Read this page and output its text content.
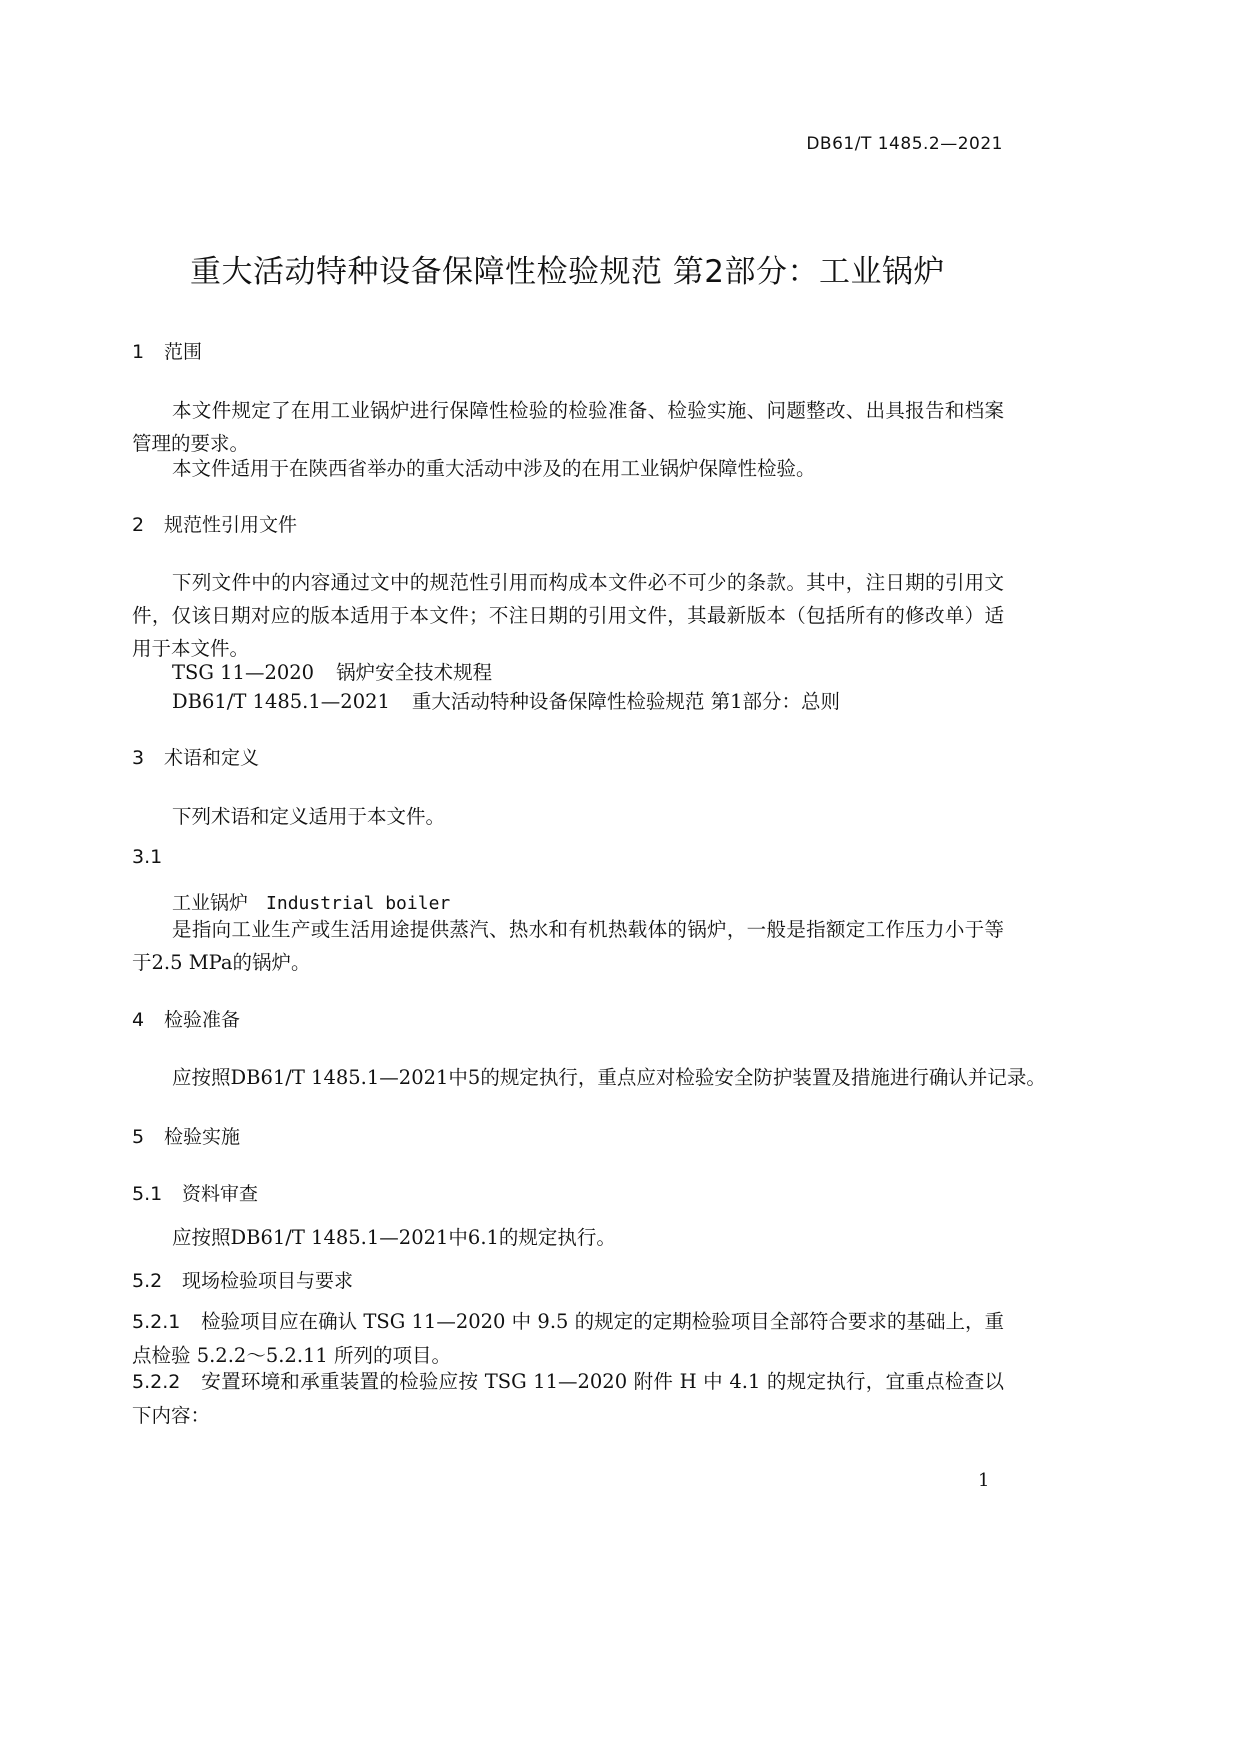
DB61/T 1485.2—2021
重大活动特种设备保障性检验规范 第2部分：工业锅炉
1 范围
本文件规定了在用工业锅炉进行保障性检验的检验准备、检验实施、问题整改、出具报告和档案管理的要求。
本文件适用于在陕西省举办的重大活动中涉及的在用工业锅炉保障性检验。
2 规范性引用文件
下列文件中的内容通过文中的规范性引用而构成本文件必不可少的条款。其中，注日期的引用文件，仅该日期对应的版本适用于本文件；不注日期的引用文件，其最新版本（包括所有的修改单）适用于本文件。
TSG 11—2020 锅炉安全技术规程
DB61/T 1485.1—2021 重大活动特种设备保障性检验规范 第1部分：总则
3 术语和定义
下列术语和定义适用于本文件。
3.1
工业锅炉 Industrial boiler
是指向工业生产或生活用途提供蒸汽、热水和有机热载体的锅炉，一般是指额定工作压力小于等于2.5 MPa的锅炉。
4 检验准备
应按照DB61/T 1485.1—2021中5的规定执行，重点应对检验安全防护装置及措施进行确认并记录。
5 检验实施
5.1 资料审查
应按照DB61/T 1485.1—2021中6.1的规定执行。
5.2 现场检验项目与要求
5.2.1 检验项目应在确认 TSG 11—2020 中 9.5 的规定的定期检验项目全部符合要求的基础上，重点检验 5.2.2～5.2.11 所列的项目。
5.2.2 安置环境和承重装置的检验应按 TSG 11—2020 附件 H 中 4.1 的规定执行，宜重点检查以下内容：
1
